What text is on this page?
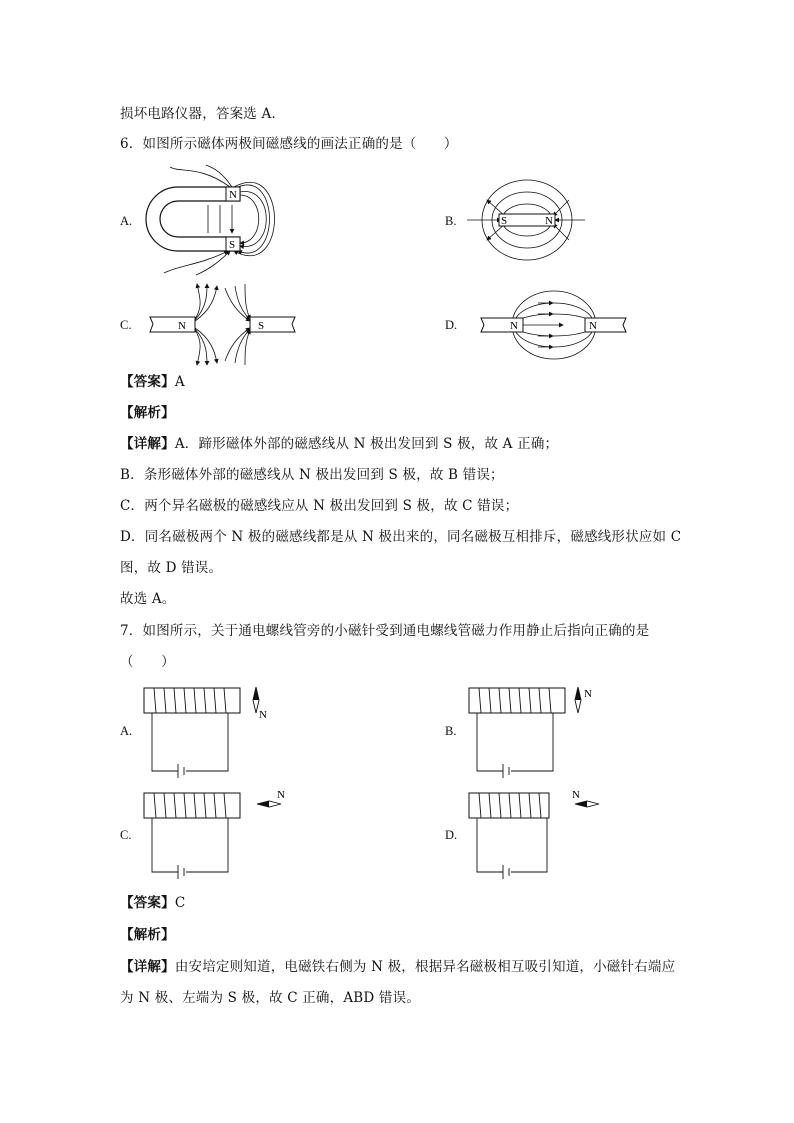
损坏电路仪器，答案选 A．
6．如图所示磁体两极间磁感线的画法正确的是（　　）
A.	B.
C.	D.
N
S
S	N
N	S	N	N
【答案】A
【解析】
【详解】A．蹄形磁体外部的磁感线从 N 极出发回到 S 极，故 A 正确；
B．条形磁体外部的磁感线从 N 极出发回到 S 极，故 B 错误；
C．两个异名磁极的磁感线应从 N 极出发回到 S 极，故 C 错误；
D．同名磁极两个 N 极的磁感线都是从 N 极出来的，同名磁极互相排斥，磁感线形状应如 C
图，故 D 错误。
故选 A。
7．如图所示，关于通电螺线管旁的小磁针受到通电螺线管磁力作用静止后指向正确的是
（　　）
A.	B.
C.	D.
N
N
N	N
【答案】C
【解析】
【详解】由安培定则知道，电磁铁右侧为 N 极，根据异名磁极相互吸引知道，小磁针右端应
为 N 极、左端为 S 极，故 C 正确，ABD 错误。
